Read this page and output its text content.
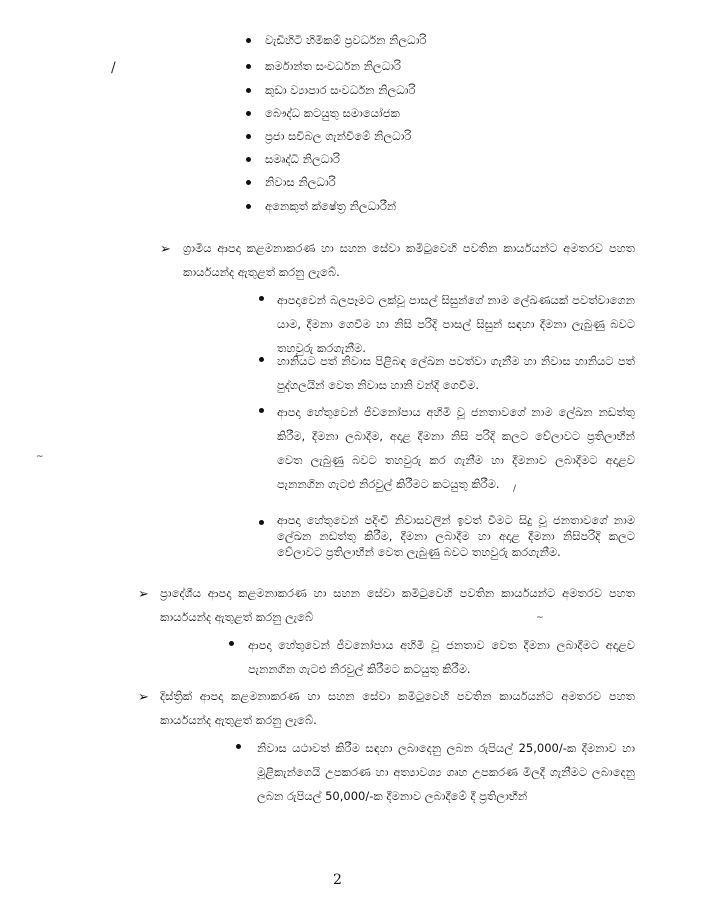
/
~
වැඩිහිටි හිමිකම් ප්‍රවර්ධන නිලධාරි
කර්මාන්ත සංවර්ධන නිලධාරි
කුඩා ව්‍යාපාර සංවර්ධන නිලධාරි
බෞද්ධ කටයුතු සමායෝජක
ප්‍රජා සවිබල ගැන්වීමේ නිලධාරි
සමෘද්ධි නිලධාරි
නිවාස නිලධාරි
අනෙකුත් ක්ෂේත්‍ර නිලධාරීන්
➢ ග්‍රාමීය ආපදා කළමනාකරණ හා සහන සේවා කමිටුවෙහි පවතින කාර්යයන්ට අමතරව පහත කාර්යයන්ද ඇතුළත් කරනු ලැබේ.
ආපදාවෙන් බලපෑමට ලක්වූ පාසල් සිසුන්ගේ නාම ලේඛණයක් පවත්වාගෙන යාම, දීමනා ගෙවීම හා නිසි පරිදි පාසල් සිසුන් සඳහා දීමනා ලැබුණු බවට තහවුරු කරගැනීම.
හානියට පත් නිවාස පිළිබඳ ලේඛන පවත්වා ගැනීම හා නිවාස හානියට පත් පුද්ගලයින් වෙත නිවාස හානි වන්දි ගෙවීම.
ආපදා හේතුවෙන් ජීවනෝපාය අහිමි වූ ජනතාවගේ නාම ලේඛන නඩත්තු කිරීම, දීමනා ලබාදීම, අදාළ දීමනා නිසි පරිදි කලට වේලාවට ප්‍රතිලාභීන් වෙත ලැබුණු බවට තහවුරු කර ගැනීම හා දීමනාව ලබාදීමට අදාළව පැනනගින ගැටළු නිරවුල් කිරීමට කටයුතු කිරීම.	/
ආපදා හේතුවෙන් පදිංචි නිවාසවලින් ඉවත් වීමට සිදු වූ ජනතාවගේ නාම ලේඛන නඩත්තු කිරීම, දීමනා ලබාදීම හා අදාළ දීමනා නිසිපරිදි කලට වේලාවට ප්‍රතිලාභීන් වෙත ලැබුණු බවට තහවුරු කරගැනීම.
➢ ප්‍රාදේශීය ආපදා කළමනාකරණ හා සහන සේවා කමිටුවෙහි පවතින කාර්යයන්ට අමතරව පහත කාර්යයන්ද ඇතුළත් කරනු ලැබේ	~
ආපදා හේතුවෙන් ජීවනෝපාය අහිමි වූ ජනතාව වෙත දීමනා ලබාදීමට අදාළව පැනනගින ගැටළු නිරවුල් කිරීමට කටයුතු කිරීම.
➢ දිස්ත්‍රික් ආපදා කළමනාකරණ හා සහන සේවා කමිටුවෙහි පවතින කාර්යයන්ට අමතරව පහත කාර්යයන්ද ඇතුළත් කරනු ලැබේ.
නිවාස යථාවත් කිරීම සඳහා ලබාදෙනු ලබන රුපියල් 25,000/-ක දීමනාව හා මූළිකැන්ගෙයි උපකරණ හා අත්‍යාවශ්‍ය ගෘහ උපකරණ මිලදී ගැනීමට ලබාදෙනු ලබන රුපියල් 50,000/-ක දීමනාව ලබාදීමේ දී ප්‍රතිලාභීන්
2
